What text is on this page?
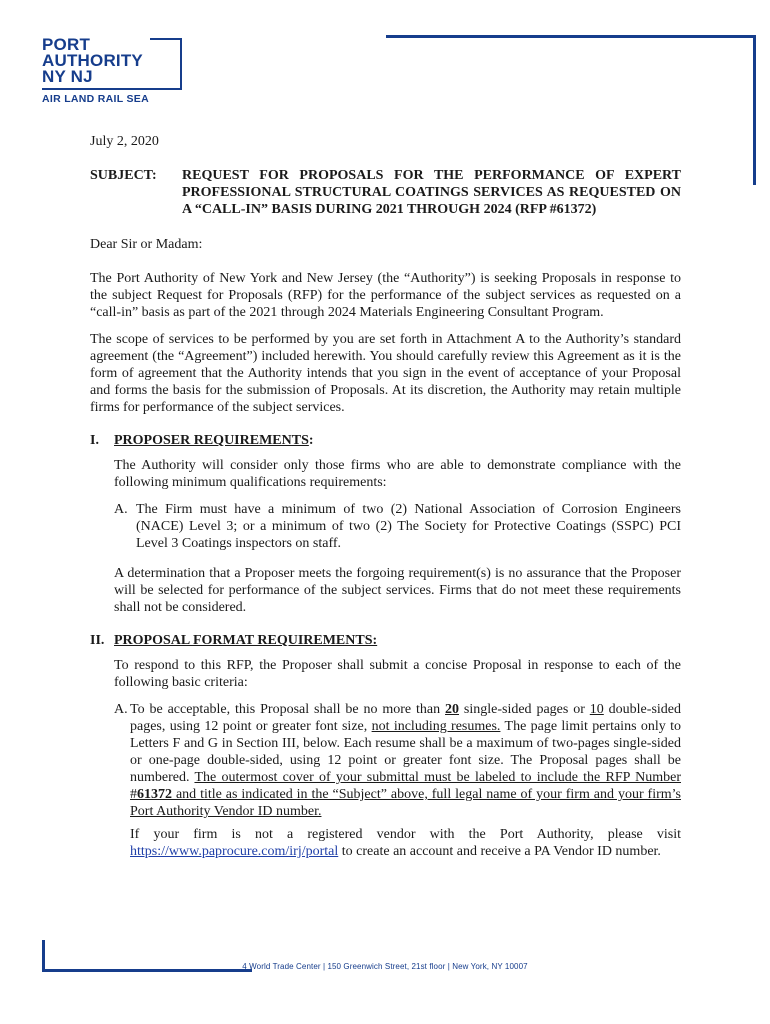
PORT
AUTHORITY
NY NJ
AIR LAND RAIL SEA
July 2, 2020
SUBJECT:	REQUEST FOR PROPOSALS FOR THE PERFORMANCE OF EXPERT PROFESSIONAL STRUCTURAL COATINGS SERVICES AS REQUESTED ON A “CALL-IN” BASIS DURING 2021 THROUGH 2024 (RFP #61372)
Dear Sir or Madam:

The Port Authority of New York and New Jersey (the “Authority”) is seeking Proposals in response to the subject Request for Proposals (RFP) for the performance of the subject services as requested on a “call-in” basis as part of the 2021 through 2024 Materials Engineering Consultant Program.

The scope of services to be performed by you are set forth in Attachment A to the Authority’s standard agreement (the “Agreement”) included herewith. You should carefully review this Agreement as it is the form of agreement that the Authority intends that you sign in the event of acceptance of your Proposal and forms the basis for the submission of Proposals. At its discretion, the Authority may retain multiple firms for performance of the subject services.

I.	PROPOSER REQUIREMENTS:

The Authority will consider only those firms who are able to demonstrate compliance with the following minimum qualifications requirements:

A. The Firm must have a minimum of two (2) National Association of Corrosion Engineers (NACE) Level 3; or a minimum of two (2) The Society for Protective Coatings (SSPC) PCI Level 3 Coatings inspectors on staff.

A determination that a Proposer meets the forgoing requirement(s) is no assurance that the Proposer will be selected for performance of the subject services. Firms that do not meet these requirements shall not be considered.

II. PROPOSAL FORMAT REQUIREMENTS:

To respond to this RFP, the Proposer shall submit a concise Proposal in response to each of the following basic criteria:

A. To be acceptable, this Proposal shall be no more than 20 single-sided pages or 10 double-sided pages, using 12 point or greater font size, not including resumes. The page limit pertains only to Letters F and G in Section III, below. Each resume shall be a maximum of two-pages single-sided or one-page double-sided, using 12 point or greater font size. The Proposal pages shall be numbered. The outermost cover of your submittal must be labeled to include the RFP Number #61372 and title as indicated in the “Subject” above, full legal name of your firm and your firm’s Port Authority Vendor ID number.

If your firm is not a registered vendor with the Port Authority, please visit https://www.paprocure.com/irj/portal to create an account and receive a PA Vendor ID number.

4 World Trade Center | 150 Greenwich Street, 21st floor | New York, NY 10007
